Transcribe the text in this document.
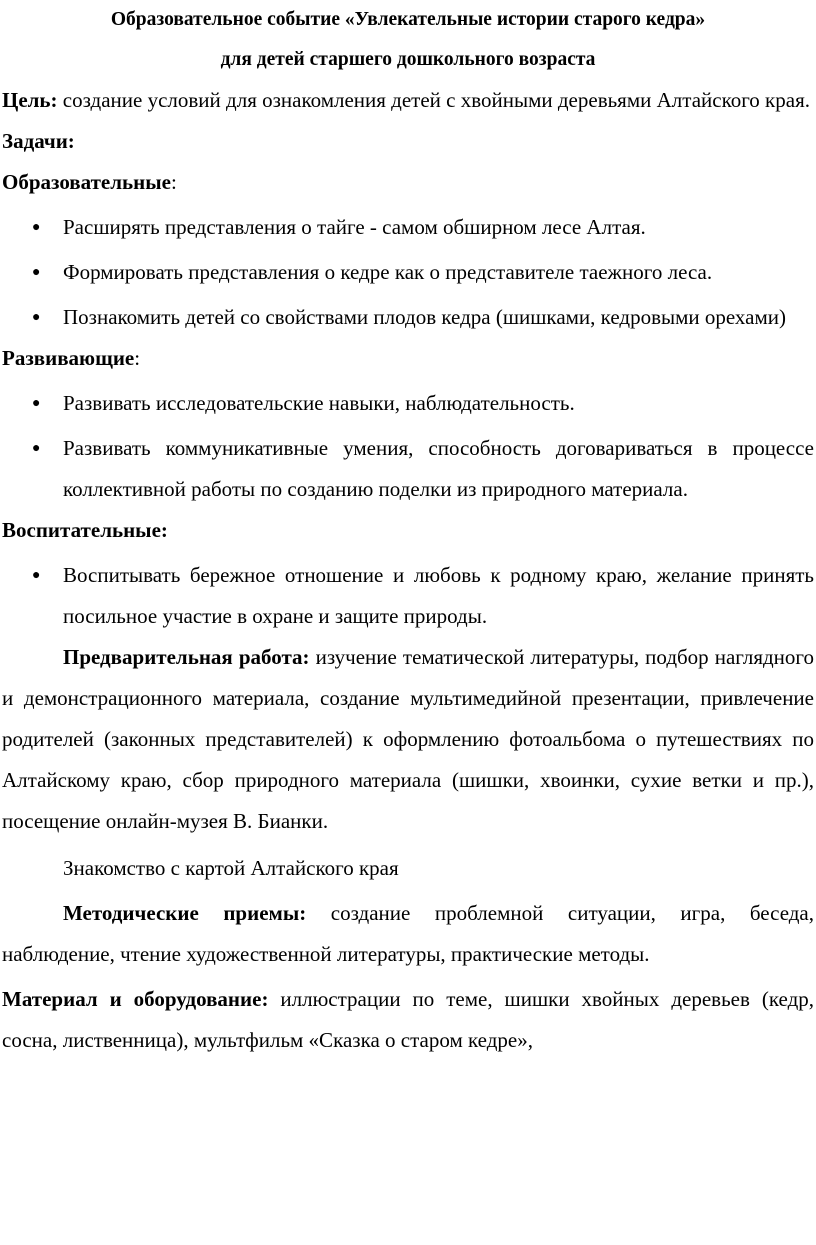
Образовательное событие «Увлекательные истории старого кедра»

для детей старшего дошкольного возраста

Цель: создание условий для ознакомления детей с хвойными деревьями Алтайского края.

Задачи:

Образовательные:

● Расширять представления о тайге - самом обширном лесе Алтая.
● Формировать представления о кедре как о представителе таежного леса.
● Познакомить детей со свойствами плодов кедра (шишками, кедровыми орехами)

Развивающие:

● Развивать исследовательские навыки, наблюдательность.
● Развивать коммуникативные умения, способность договариваться в процессе коллективной работы по созданию поделки из природного материала.

Воспитательные:

● Воспитывать бережное отношение и любовь к родному краю, желание принять посильное участие в охране и защите природы.

Предварительная работа: изучение тематической литературы, подбор наглядного и демонстрационного материала, создание мультимедийной презентации, привлечение родителей (законных представителей) к оформлению фотоальбома о путешествиях по Алтайскому краю, сбор природного материала (шишки, хвоинки, сухие ветки и пр.), посещение онлайн-музея В. Бианки.

Знакомство с картой Алтайского края

Методические приемы: создание проблемной ситуации, игра, беседа, наблюдение, чтение художественной литературы, практические методы.

Материал и оборудование: иллюстрации по теме, шишки хвойных деревьев (кедр, сосна, лиственница), мультфильм «Сказка о старом кедре»,
